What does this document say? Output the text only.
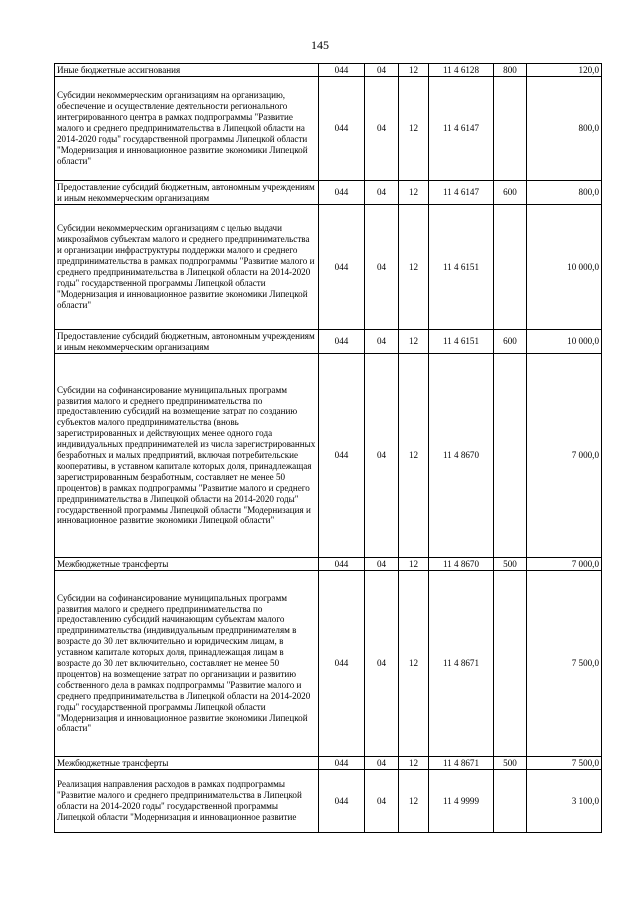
145
Иные бюджетные ассигнования	044	04	12	11 4 6128	800	120,0
Субсидии некоммерческим организациям на организацию, обеспечение и осуществление деятельности регионального интегрированного центра в рамках подпрограммы "Развитие малого и среднего предпринимательства в Липецкой области на 2014-2020 годы" государственной программы Липецкой области "Модернизация и инновационное развитие экономики Липецкой области"	044	04	12	11 4 6147		800,0
Предоставление субсидий бюджетным, автономным учреждениям и иным некоммерческим организациям	044	04	12	11 4 6147	600	800,0
Субсидии некоммерческим организациям с целью выдачи микрозаймов субъектам малого и среднего предпринимательства и организации инфраструктуры поддержки малого и среднего предпринимательства в рамках подпрограммы "Развитие малого и среднего предпринимательства в Липецкой области на 2014-2020 годы" государственной программы Липецкой области "Модернизация и инновационное развитие экономики Липецкой области"	044	04	12	11 4 6151		10 000,0
Предоставление субсидий бюджетным, автономным учреждениям и иным некоммерческим организациям	044	04	12	11 4 6151	600	10 000,0
Субсидии на софинансирование муниципальных программ развития малого и среднего предпринимательства по предоставлению субсидий на возмещение затрат по созданию субъектов малого предпринимательства (вновь зарегистрированных и действующих менее одного года индивидуальных предпринимателей из числа зарегистрированных безработных и малых предприятий, включая потребительские кооперативы, в уставном капитале которых доля, принадлежащая зарегистрированным безработным, составляет не менее 50 процентов) в рамках подпрограммы "Развитие малого и среднего предпринимательства в Липецкой области на 2014-2020 годы" государственной программы Липецкой области "Модернизация и инновационное развитие экономики Липецкой области"	044	04	12	11 4 8670		7 000,0
Межбюджетные трансферты	044	04	12	11 4 8670	500	7 000,0
Субсидии на софинансирование муниципальных программ развития малого и среднего предпринимательства по предоставлению субсидий начинающим субъектам малого предпринимательства (индивидуальным предпринимателям в возрасте до 30 лет включительно и юридическим лицам, в уставном капитале которых доля, принадлежащая лицам в возрасте до 30 лет включительно, составляет не менее 50 процентов) на возмещение затрат по организации и развитию собственного дела в рамках подпрограммы "Развитие малого и среднего предпринимательства в Липецкой области на 2014-2020 годы" государственной программы Липецкой области "Модернизация и инновационное развитие экономики Липецкой области"	044	04	12	11 4 8671		7 500,0
Межбюджетные трансферты	044	04	12	11 4 8671	500	7 500,0
Реализация направления расходов в рамках подпрограммы "Развитие малого и среднего предпринимательства в Липецкой области на 2014-2020 годы" государственной программы Липецкой области "Модернизация и инновационное развитие	044	04	12	11 4 9999		3 100,0
